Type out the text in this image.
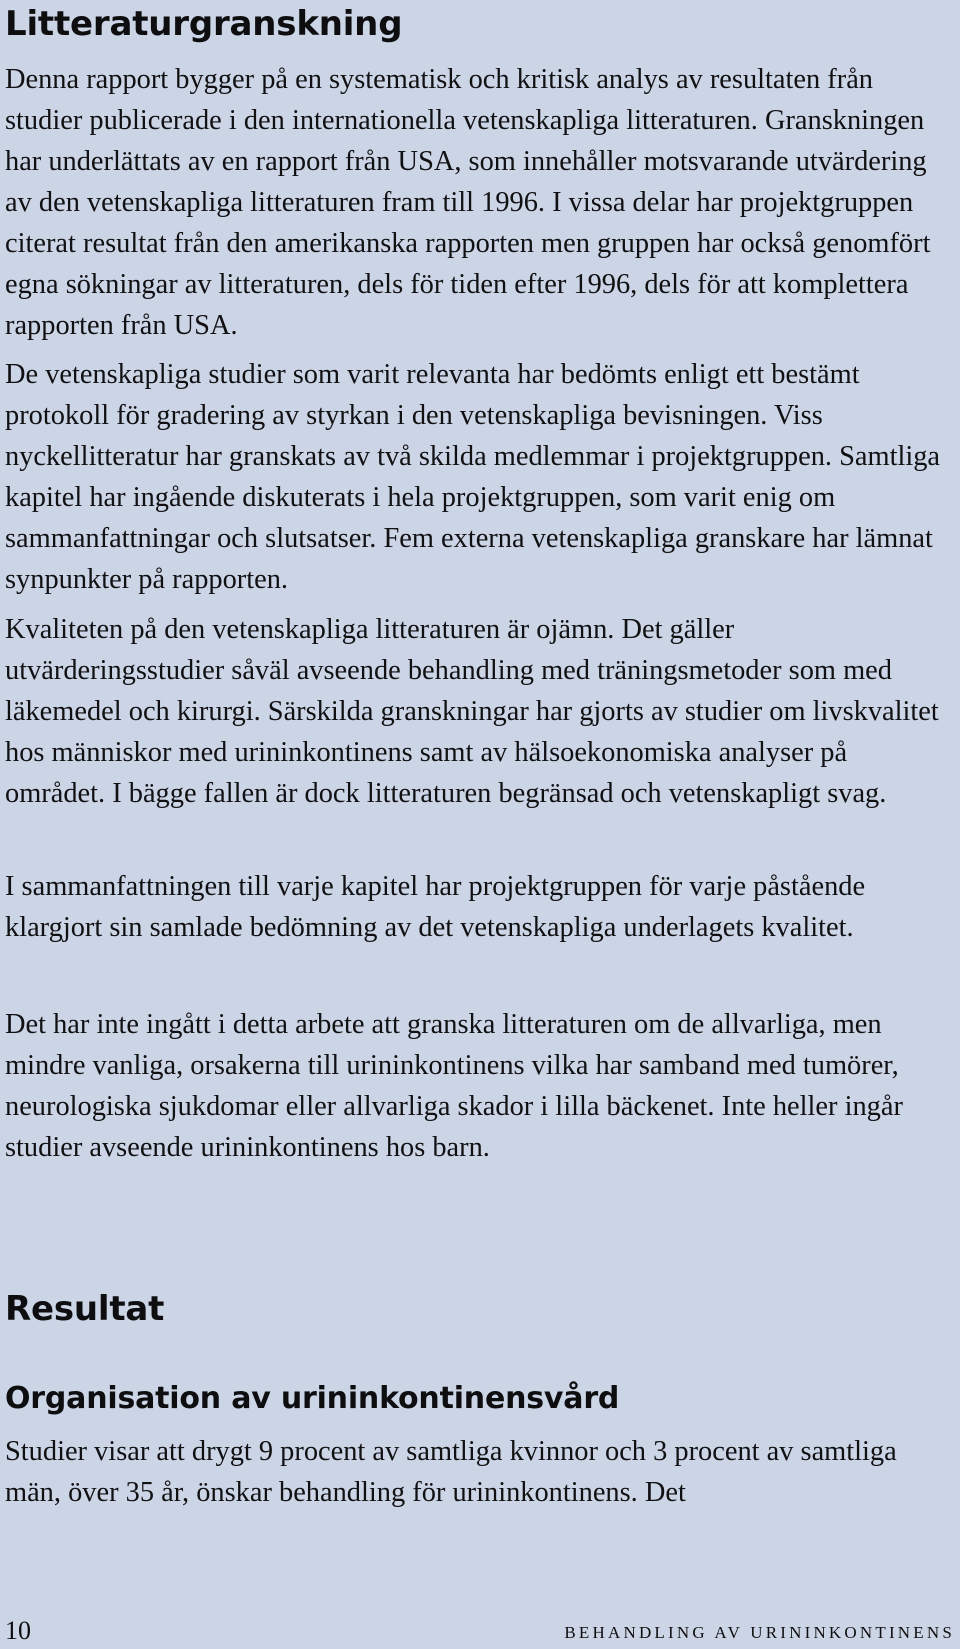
Litteraturgranskning

Denna rapport bygger på en systematisk och kritisk analys av resultaten från studier publicerade i den internationella vetenskapliga litteraturen. Granskningen har underlättats av en rapport från USA, som innehåller motsvarande utvärdering av den vetenskapliga litteraturen fram till 1996. I vissa delar har projektgruppen citerat resultat från den amerikanska rapporten men gruppen har också genomfört egna sökningar av litteraturen, dels för tiden efter 1996, dels för att komplettera rapporten från USA.

De vetenskapliga studier som varit relevanta har bedömts enligt ett bestämt protokoll för gradering av styrkan i den vetenskapliga bevisningen. Viss nyckellitteratur har granskats av två skilda medlemmar i projektgruppen. Samtliga kapitel har ingående diskuterats i hela projektgruppen, som varit enig om sammanfattningar och slutsatser. Fem externa vetenskapliga granskare har lämnat synpunkter på rapporten.

Kvaliteten på den vetenskapliga litteraturen är ojämn. Det gäller utvärderingsstudier såväl avseende behandling med träningsmetoder som med läkemedel och kirurgi. Särskilda granskningar har gjorts av studier om livskvalitet hos människor med urininkontinens samt av hälsoekonomiska analyser på området. I bägge fallen är dock litteraturen begränsad och vetenskapligt svag.

I sammanfattningen till varje kapitel har projektgruppen för varje påstående klargjort sin samlade bedömning av det vetenskapliga underlagets kvalitet.

Det har inte ingått i detta arbete att granska litteraturen om de allvarliga, men mindre vanliga, orsakerna till urininkontinens vilka har samband med tumörer, neurologiska sjukdomar eller allvarliga skador i lilla bäckenet. Inte heller ingår studier avseende urininkontinens hos barn.

Resultat
Organisation av urininkontinensvård

Studier visar att drygt 9 procent av samtliga kvinnor och 3 procent av samtliga män, över 35 år, önskar behandling för urininkontinens. Det

10	BEHANDLING AV URININKONTINENS
